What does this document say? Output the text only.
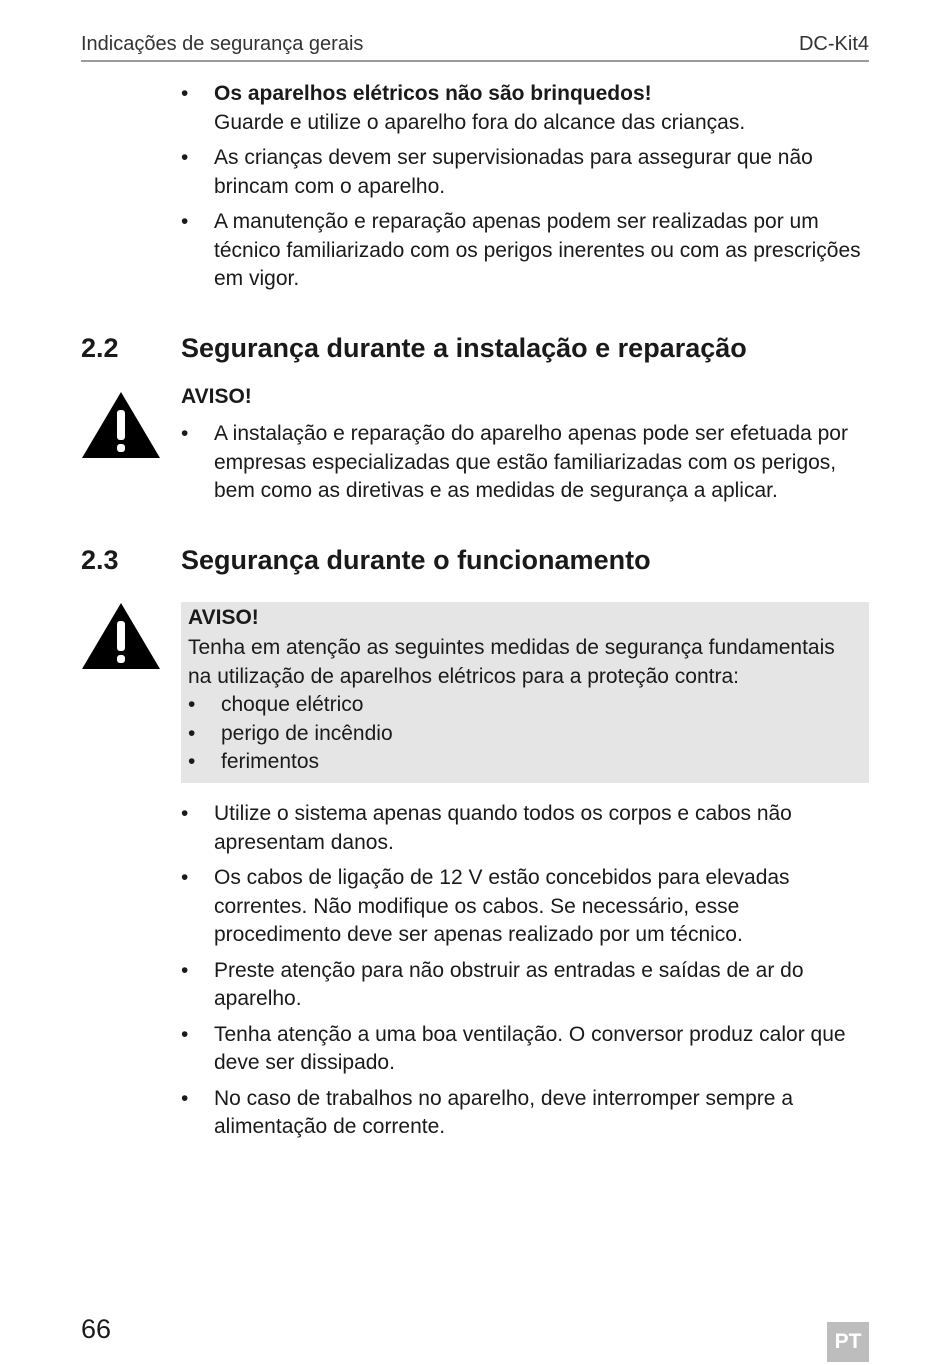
Indicações de segurança gerais	DC-Kit4
• Os aparelhos elétricos não são brinquedos!
Guarde e utilize o aparelho fora do alcance das crianças.
• As crianças devem ser supervisionadas para assegurar que não brincam com o aparelho.
• A manutenção e reparação apenas podem ser realizadas por um técnico familiarizado com os perigos inerentes ou com as prescrições em vigor.
2.2 Segurança durante a instalação e reparação
AVISO!
• A instalação e reparação do aparelho apenas pode ser efetuada por empresas especializadas que estão familiarizadas com os perigos, bem como as diretivas e as medidas de segurança a aplicar.
2.3 Segurança durante o funcionamento
AVISO!
Tenha em atenção as seguintes medidas de segurança fundamentais na utilização de aparelhos elétricos para a proteção contra:
• choque elétrico
• perigo de incêndio
• ferimentos
• Utilize o sistema apenas quando todos os corpos e cabos não apresentam danos.
• Os cabos de ligação de 12 V estão concebidos para elevadas correntes. Não modifique os cabos. Se necessário, esse procedimento deve ser apenas realizado por um técnico.
• Preste atenção para não obstruir as entradas e saídas de ar do aparelho.
• Tenha atenção a uma boa ventilação. O conversor produz calor que deve ser dissipado.
• No caso de trabalhos no aparelho, deve interromper sempre a alimentação de corrente.
66	PT
